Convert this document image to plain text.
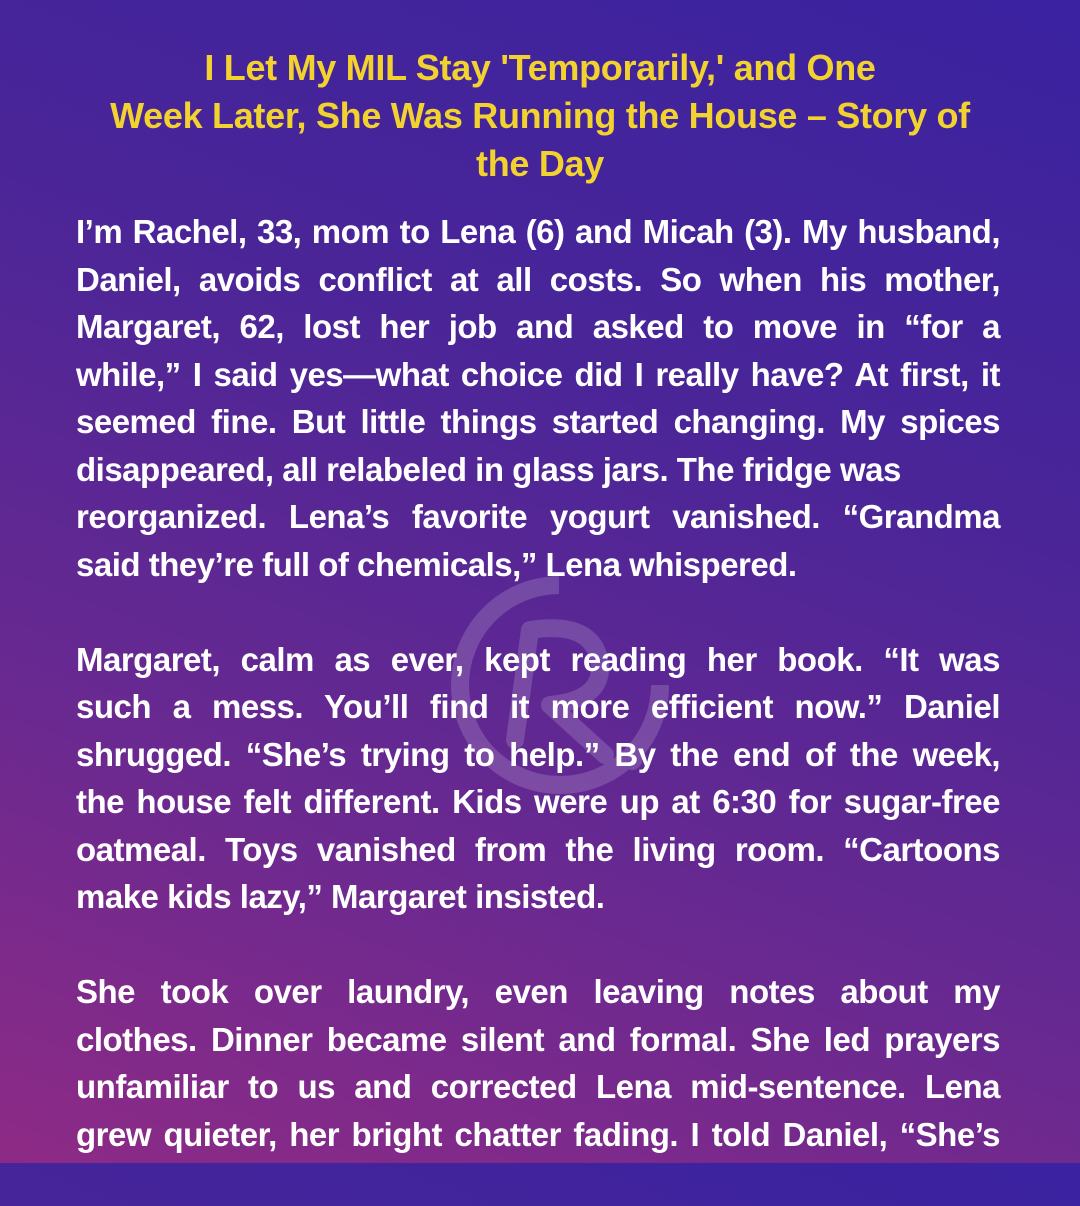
I Let My MIL Stay 'Temporarily,' and One
Week Later, She Was Running the House – Story of
the Day

I’m Rachel, 33, mom to Lena (6) and Micah (3). My husband,
Daniel, avoids conflict at all costs. So when his mother,
Margaret, 62, lost her job and asked to move in “for a
while,” I said yes—what choice did I really have? At first, it
seemed fine. But little things started changing. My spices
disappeared, all relabeled in glass jars. The fridge was
reorganized. Lena’s favorite yogurt vanished. “Grandma
said they’re full of chemicals,” Lena whispered.

Margaret, calm as ever, kept reading her book. “It was
such a mess. You’ll find it more efficient now.” Daniel
shrugged. “She’s trying to help.” By the end of the week,
the house felt different. Kids were up at 6:30 for sugar-free
oatmeal. Toys vanished from the living room. “Cartoons
make kids lazy,” Margaret insisted.

She took over laundry, even leaving notes about my
clothes. Dinner became silent and formal. She led prayers
unfamiliar to us and corrected Lena mid-sentence. Lena
grew quieter, her bright chatter fading. I told Daniel, “She’s
